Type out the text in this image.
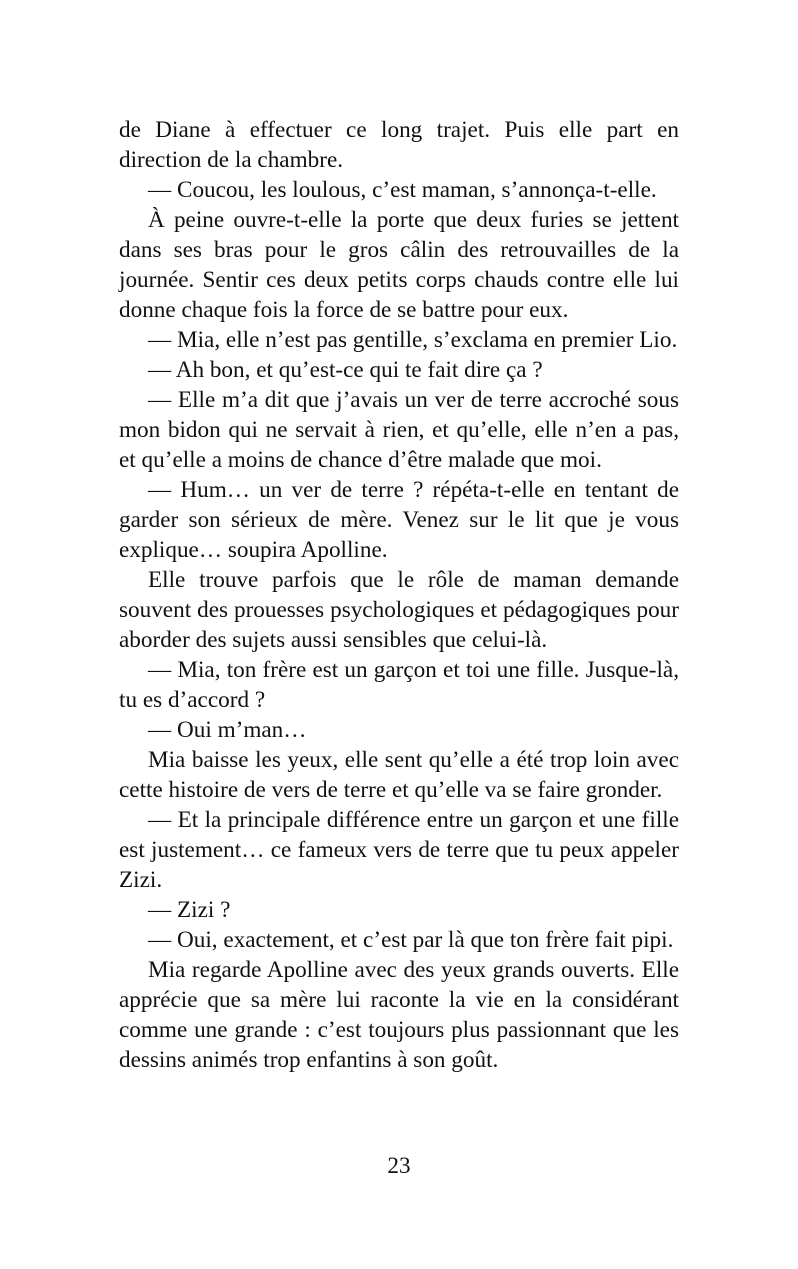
de Diane à effectuer ce long trajet. Puis elle part en direction de la chambre.

— Coucou, les loulous, c’est maman, s’annonça-t-elle.

À peine ouvre-t-elle la porte que deux furies se jettent dans ses bras pour le gros câlin des retrouvailles de la journée. Sentir ces deux petits corps chauds contre elle lui donne chaque fois la force de se battre pour eux.

— Mia, elle n’est pas gentille, s’exclama en premier Lio.

— Ah bon, et qu’est-ce qui te fait dire ça ?

— Elle m’a dit que j’avais un ver de terre accroché sous mon bidon qui ne servait à rien, et qu’elle, elle n’en a pas, et qu’elle a moins de chance d’être malade que moi.

— Hum… un ver de terre ? répéta-t-elle en tentant de garder son sérieux de mère. Venez sur le lit que je vous explique… soupira Apolline.

Elle trouve parfois que le rôle de maman demande souvent des prouesses psychologiques et pédagogiques pour aborder des sujets aussi sensibles que celui-là.

— Mia, ton frère est un garçon et toi une fille. Jusque-là, tu es d’accord ?

— Oui m’man…

Mia baisse les yeux, elle sent qu’elle a été trop loin avec cette histoire de vers de terre et qu’elle va se faire gronder.

— Et la principale différence entre un garçon et une fille est justement… ce fameux vers de terre que tu peux appeler Zizi.

— Zizi ?

— Oui, exactement, et c’est par là que ton frère fait pipi.

Mia regarde Apolline avec des yeux grands ouverts. Elle apprécie que sa mère lui raconte la vie en la considérant comme une grande : c’est toujours plus passionnant que les dessins animés trop enfantins à son goût.

23
